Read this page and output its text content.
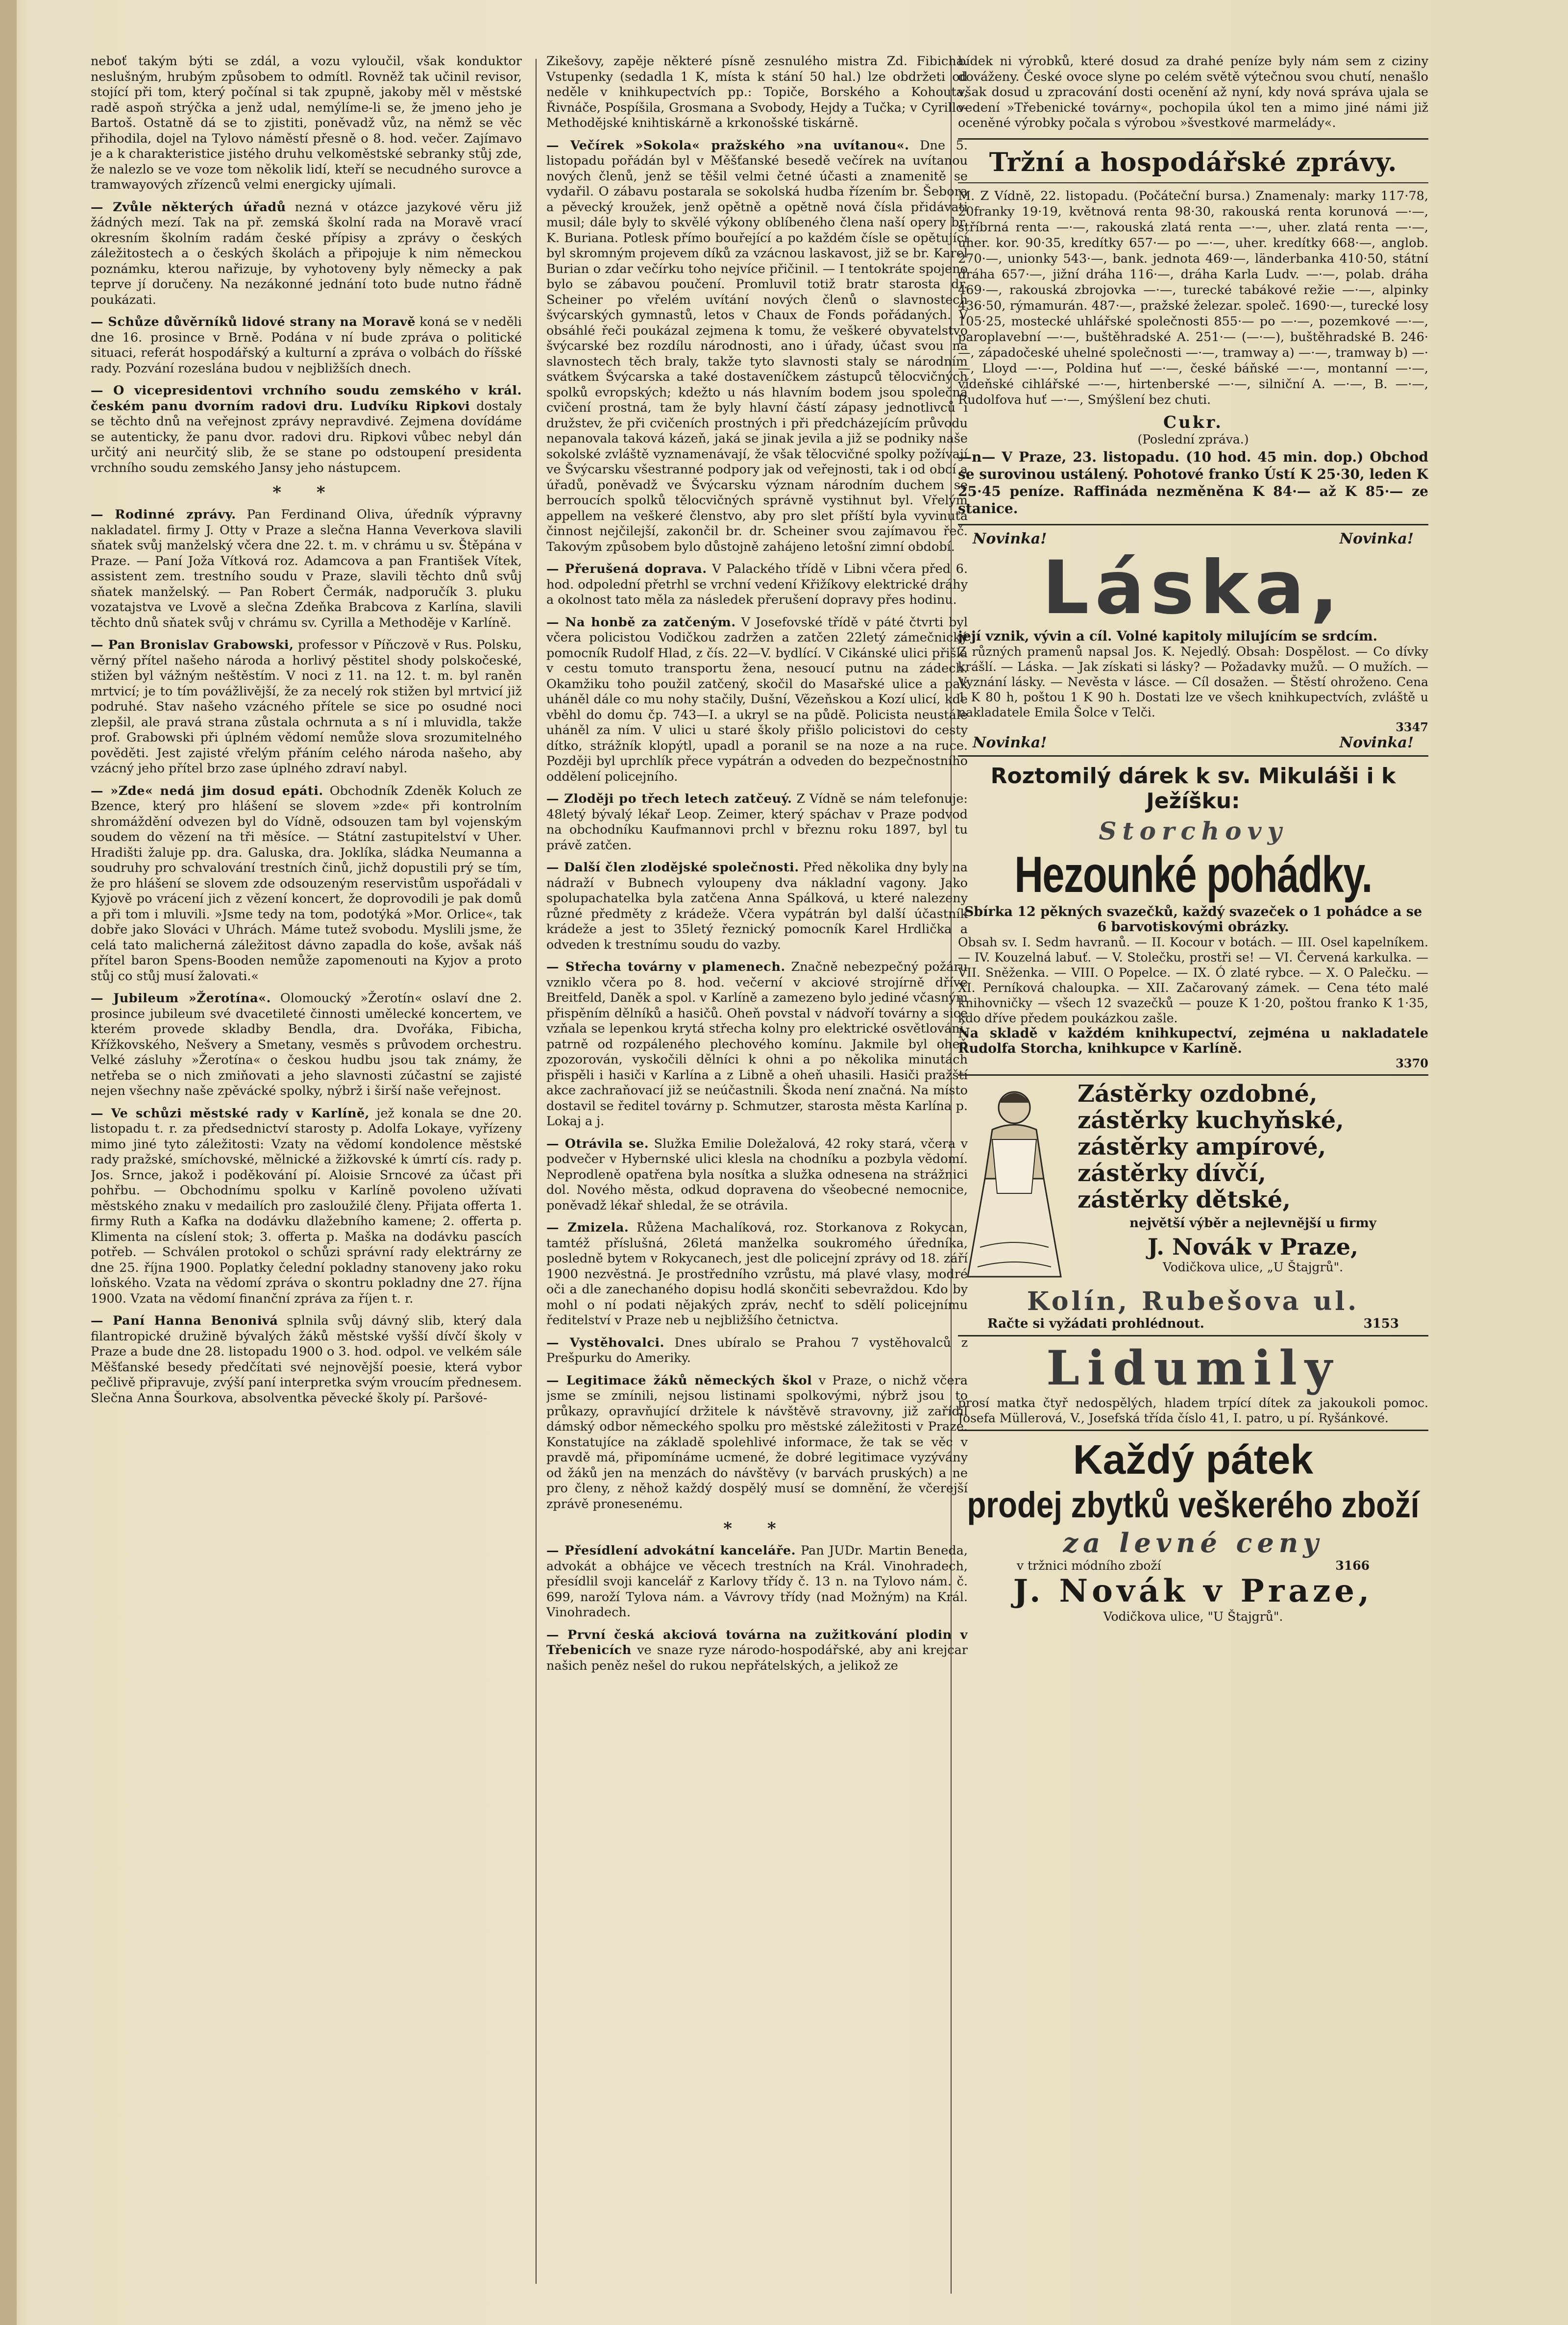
neboť takým býti se zdál, a vozu vyloučil, však konduktor neslušným, hrubým způsobem to odmítl. Rovněž tak učinil revisor, stojící při tom, který počínal si tak zpupně, jakoby měl v městské radě aspoň strýčka a jenž udal, nemýlíme-li se, že jmeno jeho je Bartoš. Ostatně dá se to zjistiti, poněvadž vůz, na němž se věc přihodila, dojel na Tylovo náměstí přesně o 8. hod. večer. Zajímavo je a k charakteristice jistého druhu velkoměstské sebranky stůj zde, že nalezlo se ve voze tom několik lidí, kteří se necudného surovce a tramwayových zřízenců velmi energicky ujímali.

— Zvůle některých úřadů nezná v otázce jazykové věru již žádných mezí. Tak na př. zemská školní rada na Moravě vrací okresním školním radám české přípisy a zprávy o českých záležitostech a o českých školách a připojuje k nim německou poznámku, kterou nařizuje, by vyhotoveny byly německy a pak teprve jí doručeny. Na nezákonné jednání toto bude nutno řádně poukázati.

— Schůze důvěrníků lidové strany na Moravě koná se v neděli dne 16. prosince v Brně. Podána v ní bude zpráva o politické situaci, referát hospodářský a kulturní a zpráva o volbách do říšské rady. Pozvání rozeslána budou v nejbližších dnech.

— O vicepresidentovi vrchního soudu zemského v král. českém panu dvorním radovi dru. Ludvíku Ripkovi dostaly se těchto dnů na veřejnost zprávy nepravdivé. Zejmena dovídáme se autenticky, že panu dvor. radovi dru. Ripkovi vůbec nebyl dán určitý ani neurčitý slib, že se stane po odstoupení presidenta vrchního soudu zemského Jansy jeho nástupcem.

* *

— Rodinné zprávy. Pan Ferdinand Oliva, úředník výpravny nakladatel. firmy J. Otty v Praze a slečna Hanna Veverkova slavili sňatek svůj manželský včera dne 22. t. m. v chrámu u sv. Štěpána v Praze. — Paní Joža Vítková roz. Adamcova a pan František Vítek, assistent zem. trestního soudu v Praze, slavili těchto dnů svůj sňatek manželský. — Pan Robert Čermák, nadporučík 3. pluku vozatajstva ve Lvově a slečna Zdeňka Brabcova z Karlína, slavili těchto dnů sňatek svůj v chrámu sv. Cyrilla a Methoděje v Karlíně.

— Pan Bronislav Grabowski, professor v Píňczově v Rus. Polsku, věrný přítel našeho národa a horlivý pěstitel shody polskočeské, stižen byl vážným neštěstím. V noci z 11. na 12. t. m. byl raněn mrtvicí; je to tím povážlivější, že za necelý rok stižen byl mrtvicí již podruhé. Stav našeho vzácného přítele se sice po osudné noci zlepšil, ale pravá strana zůstala ochrnuta a s ní i mluvidla, takže prof. Grabowski při úplném vědomí nemůže slova srozumitelného pověděti. Jest zajisté vřelým přáním celého národa našeho, aby vzácný jeho přítel brzo zase úplného zdraví nabyl.

— »Zde« nedá jim dosud epáti. Obchodník Zdeněk Koluch ze Bzence, který pro hlášení se slovem »zde« při kontrolním shromáždění odvezen byl do Vídně, odsouzen tam byl vojenským soudem do vězení na tři měsíce. — Státní zastupitelství v Uher. Hradišti žaluje pp. dra. Galuska, dra. Joklíka, sládka Neumanna a soudruhy pro schvalování trestních činů, jichž dopustili prý se tím, že pro hlášení se slovem zde odsouzeným reservistům uspořádali v Kyjově po vrácení jich z vězení koncert, že doprovodili je pak domů a při tom i mluvili. »Jsme tedy na tom, podotýká »Mor. Orlice«, tak dobře jako Slováci v Uhrách. Máme tutež svobodu. Myslili jsme, že celá tato malicherná záležitost dávno zapadla do koše, avšak náš přítel baron Spens-Booden nemůže zapomenouti na Kyjov a proto stůj co stůj musí žalovati.«

— Jubileum »Žerotína«. Olomoucký »Žerotín« oslaví dne 2. prosince jubileum své dvacetileté činnosti umělecké koncertem, ve kterém provede skladby Bendla, dra. Dvořáka, Fibicha, Křížkovského, Nešvery a Smetany, vesměs s průvodem orchestru. Velké zásluhy »Žerotína« o českou hudbu jsou tak známy, že netřeba se o nich zmiňovati a jeho slavnosti zúčastní se zajisté nejen všechny naše zpěvácké spolky, nýbrž i širší naše veřejnost.

— Ve schůzi městské rady v Karlíně, jež konala se dne 20. listopadu t. r. za předsednictví starosty p. Adolfa Lokaye, vyřízeny mimo jiné tyto záležitosti: Vzaty na vědomí kondolence městské rady pražské, smíchovské, mělnické a žižkovské k úmrtí cís. rady p. Jos. Srnce, jakož i poděkování pí. Aloisie Srncové za účast při pohřbu. — Obchodnímu spolku v Karlíně povoleno užívati městského znaku v medailích pro zasloužilé členy. Přijata offerta 1. firmy Ruth a Kafka na dodávku dlažebního kamene; 2. offerta p. Klimenta na císlení stok; 3. offerta p. Maška na dodávku pascích potřeb. — Schválen protokol o schůzi správní rady elektrárny ze dne 25. října 1900. Poplatky čelední pokladny stanoveny jako roku loňského. Vzata na vědomí zpráva o skontru pokladny dne 27. října 1900. Vzata na vědomí finanční zpráva za říjen t. r.

— Paní Hanna Benonivá splnila svůj dávný slib, který dala filantropické družině bývalých žáků městské vyšší dívčí školy v Praze a bude dne 28. listopadu 1900 o 3. hod. odpol. ve velkém sále Měšťanské besedy předčítati své nejnovější poesie, která vybor pečlivě připravuje, zvýší paní interpretka svým vroucím přednesem. Slečna Anna Šourkova, absolventka pěvecké školy pí. Paršové-

Zikešovy, zapěje některé písně zesnulého mistra Zd. Fibicha. Vstupenky (sedadla 1 K, místa k stání 50 hal.) lze obdržeti od neděle v knihkupectvích pp.: Topiče, Borského a Kohouta, Řivnáče, Pospíšila, Grosmana a Svobody, Hejdy a Tučka; v Cyrillo-Methodějské knihtiskárně a krkonošské tiskárně.

— Večírek »Sokola« pražského »na uvítanou«. Dne 5. listopadu pořádán byl v Měšťanské besedě večírek na uvítanou nových členů, jenž se těšil velmi četné účasti a znamenitě se vydařil. O zábavu postarala se sokolská hudba řízením br. Šebora a pěvecký kroužek, jenž opětně a opětně nová čísla přidávati musil; dále byly to skvělé výkony oblíbeného člena naší opery br. K. Buriana. Potlesk přímo bouřející a po každém čísle se opětující byl skromným projevem díků za vzácnou laskavost, již se br. Karel Burian o zdar večírku toho nejvíce přičinil. — I tentokráte spojeno bylo se zábavou poučení. Promluvil totiž bratr starosta dr. Scheiner po vřelém uvítání nových členů o slavnostech švýcarských gymnastů, letos v Chaux de Fonds pořádaných. V obsáhlé řeči poukázal zejmena k tomu, že veškeré obyvatelstvo švýcarské bez rozdílu národnosti, ano i úřady, účast svou na slavnostech těch braly, takže tyto slavnosti staly se národním svátkem Švýcarska a také dostaveníčkem zástupců tělocvičných spolků evropských; kdežto u nás hlavním bodem jsou společná cvičení prostná, tam že byly hlavní částí zápasy jednotlivců i družstev, že při cvičeních prostných i při předcházejícím průvodu nepanovala taková kázeň, jaká se jinak jevila a již se podniky naše sokolské zvláště vyznamenávají, že však tělocvičné spolky požívají ve Švýcarsku všestranné podpory jak od veřejnosti, tak i od obcí a úřadů, poněvadž ve Švýcarsku význam národním duchem se berroucích spolků tělocvičných správně vystihnut byl. Vřelým appellem na veškeré členstvo, aby pro slet příští byla vyvinuta činnost nejčilejší, zakončil br. dr. Scheiner svou zajímavou řeč. Takovým způsobem bylo důstojně zahájeno letošní zimní období.

— Přerušená doprava. V Palackého třídě v Libni včera před 6. hod. odpolední přetrhl se vrchní vedení Křižíkovy elektrické dráhy a okolnost tato měla za následek přerušení dopravy přes hodinu.

— Na honbě za zatčeným. V Josefovské třídě v páté čtvrti byl včera policistou Vodičkou zadržen a zatčen 22letý zámečnický pomocník Rudolf Hlad, z čís. 22—V. bydlící. V Cikánské ulici přišla v cestu tomuto transportu žena, nesoucí putnu na zádech. Okamžiku toho použil zatčený, skočil do Masařské ulice a pak uháněl dále co mu nohy stačily, Dušní, Vězeňskou a Kozí ulicí, kde vběhl do domu čp. 743—I. a ukryl se na půdě. Policista neustále uháněl za ním. V ulici u staré školy přišlo policistovi do cesty dítko, strážník klopýtl, upadl a poranil se na noze a na ruce. Později byl uprchlík přece vypátrán a odveden do bezpečnostního oddělení policejního.

— Zloději po třech letech zatčeuý. Z Vídně se nám telefonuje: 48letý bývalý lékař Leop. Zeimer, který spáchav v Praze podvod na obchodníku Kaufmannovi prchl v březnu roku 1897, byl tu právě zatčen.

— Další člen zlodějské společnosti. Před několika dny byly na nádraží v Bubnech vyloupeny dva nákladní vagony. Jako spolupachatelka byla zatčena Anna Spálková, u které nalezeny různé předměty z krádeže. Včera vypátrán byl další účastník krádeže a jest to 35letý řeznický pomocník Karel Hrdlička a odveden k trestnímu soudu do vazby.

— Střecha továrny v plamenech. Značně nebezpečný požáru vzniklo včera po 8. hod. večerní v akciové strojírně dříve Breitfeld, Daněk a spol. v Karlíně a zamezeno bylo jediné včasným přispěním dělníků a hasičů. Oheň povstal v nádvoří továrny a sice vzňala se lepenkou krytá střecha kolny pro elektrické osvětlování, patrně od rozpáleného plechového komínu. Jakmile byl oheň zpozorován, vyskočili dělníci k ohni a po několika minutách přispěli i hasiči v Karlína a z Libně a oheň uhasili. Hasiči pražští akce zachraňovací již se neúčastnili. Škoda není značná. Na místo dostavil se ředitel továrny p. Schmutzer, starosta města Karlína p. Lokaj a j.

— Otrávila se. Služka Emilie Doležalová, 42 roky stará, včera v podvečer v Hybernské ulici klesla na chodníku a pozbyla vědomí. Neprodleně opatřena byla nosítka a služka odnesena na strážnici dol. Nového města, odkud dopravena do všeobecné nemocnice, poněvadž lékař shledal, že se otrávila.

— Zmizela. Růžena Machalíková, roz. Storkanova z Rokycan, tamtéž příslušná, 26letá manželka soukromého úředníka, posledně bytem v Rokycanech, jest dle policejní zprávy od 18. září 1900 nezvěstná. Je prostředního vzrůstu, má plavé vlasy, modré oči a dle zanechaného dopisu hodlá skončiti sebevraždou. Kdo by mohl o ní podati nějakých zpráv, nechť to sdělí policejnímu ředitelství v Praze neb u nejbližšího četnictva.

— Vystěhovalci. Dnes ubíralo se Prahou 7 vystěhovalců z Prešpurku do Ameriky.

— Legitimace žáků německých škol v Praze, o nichž včera jsme se zmínili, nejsou listinami spolkovými, nýbrž jsou to průkazy, opravňující držitele k návštěvě stravovny, již zařídil dámský odbor německého spolku pro městské záležitosti v Praze. Konstatujíce na základě spolehlivé informace, že tak se věc v pravdě má, připomínáme ucmené, že dobré legitimace vyzývány od žáků jen na menzách do návštěvy (v barvách pruských) a ne pro členy, z něhož každý dospělý musí se domnění, že včerejší zprávě pronesenému.

* *

— Přesídlení advokátní kanceláře. Pan JUDr. Martin Beneda, advokát a obhájce ve věcech trestních na Král. Vinohradech, přesídlil svoji kancelář z Karlovy třídy č. 13 n. na Tylovo nám. č. 699, naroží Tylova nám. a Vávrovy třídy (nad Možným) na Král. Vinohradech.

— První česká akciová továrna na zužitkování plodin v Třebenicích ve snaze ryze národo-hospodářské, aby ani krejcar našich peněz nešel do rukou nepřátelských, a jelikož ze

bídek ni výrobků, které dosud za drahé peníze byly nám sem z ciziny dováženy. České ovoce slyne po celém světě výtečnou svou chutí, nenašlo však dosud u zpracování dosti ocenění až nyní, kdy nová správa ujala se vedení »Třebenické továrny«, pochopila úkol ten a mimo jiné námi již oceněné výrobky počala s výrobou »švestkové marmelády«.

Tržní a hospodářské zprávy.

M. Z Vídně, 22. listopadu. (Počáteční bursa.) Znamenaly: marky 117·78, 20franky 19·19, květnová renta 98·30, rakouská renta korunová —·—, stříbrná renta —·—, rakouská zlatá renta —·—, uher. zlatá renta —·—, uher. kor. 90·35, kredítky 657·— po —·—, uher. kredítky 668·—, anglob. 270·—, unionky 543·—, bank. jednota 469·—, länderbanka 410·50, státní dráha 657·—, jižní dráha 116·—, dráha Karla Ludv. —·—, polab. dráha 469·—, rakouská zbrojovka —·—, turecké tabákové režie —·—, alpinky 436·50, rýmamurán. 487·—, pražské železar. společ. 1690·—, turecké losy 105·25, mostecké uhlářské společnosti 855·— po —·—, pozemkové —·—, paroplavební —·—, buštěhradské A. 251·— (—·—), buštěhradské B. 246·—, západočeské uhelné společnosti —·—, tramway a) —·—, tramway b) —·—, Lloyd —·—, Poldina huť —·—, české báňské —·—, montanní —·—, vídeňské cihlářské —·—, hirtenberské —·—, silniční A. —·—, B. —·—, Rudolfova huť —·—, Smýšlení bez chuti.

Cukr.
(Poslední zpráva.)

—n— V Praze, 23. listopadu. (10 hod. 45 min. dop.) Obchod se surovinou ustálený. Pohotové franko Ústí K 25·30, leden K 25·45 peníze. Raffináda nezměněna K 84·— až K 85·— ze stanice.

Novinka!	Novinka!
Láska,

její vznik, vývin a cíl. Volné kapitoly milujícím se srdcím.

Z různých pramenů napsal Jos. K. Nejedlý. Obsah: Dospělost. — Co dívky krášlí. — Láska. — Jak získati si lásky? — Požadavky mužů. — O mužích. — Vyznání lásky. — Nevěsta v lásce. — Cíl dosažen. — Štěstí ohroženo. Cena 1 K 80 h, poštou 1 K 90 h. Dostati lze ve všech knihkupectvích, zvláště u nakladatele Emila Šolce v Telči.

3347
Novinka!	Novinka!
Roztomilý dárek k sv. Mikuláši i k Ježíšku:
Storchovy
Hezounké pohádky.

Sbírka 12 pěkných svazečků, každý svazeček o 1 pohádce a se 6 barvotiskovými obrázky.

Obsah sv. I. Sedm havranů. — II. Kocour v botách. — III. Osel kapelníkem. — IV. Kouzelná labuť. — V. Stolečku, prostři se! — VI. Červená karkulka. — VII. Sněženka. — VIII. O Popelce. — IX. Ó zlaté rybce. — X. O Palečku. — XI. Perníková chaloupka. — XII. Začarovaný zámek. — Cena této malé knihovničky — všech 12 svazečků — pouze K 1·20, poštou franko K 1·35, kdo dříve předem poukázkou zašle.

Na skladě v každém knihkupectví, zejména u nakladatele Rudolfa Storcha, knihkupce v Karlíně.

3370
Zástěrky ozdobné,
zástěrky kuchyňské,
zástěrky ampírové,
zástěrky dívčí,
zástěrky dětské,
největší výběr a nejlevnější u firmy
J. Novák v Praze,
Vodičkova ulice, „U Štajgrů".
Kolín, Rubešova ul.
Račte si vyžádati prohlédnout.	3153
Lidumily

prosí matka čtyř nedospělých, hladem trpící dítek za jakoukoli pomoc. Josefa Müllerová, V., Josefská třída číslo 41, I. patro, u pí. Ryšánkové.

Každý pátek
prodej zbytků veškerého zboží
za levné ceny
v tržnici módního zboží	3166
J. Novák v Praze,
Vodičkova ulice, "U Štajgrů".
